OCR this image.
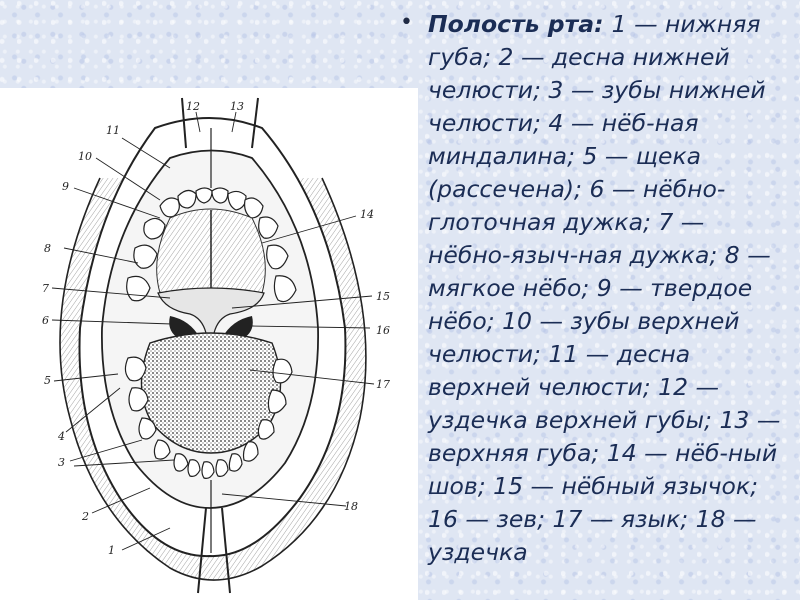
1
2
3
4
5
6
7
8
9
10
11
12	13
14
15
16
17
18
• Полость рта: 1 — нижняя губа; 2 — десна нижней челюсти; 3 — зубы нижней челюсти; 4 — нёб-ная миндалина; 5 — щека (рассечена); 6 — нёбно-глоточная дужка; 7 — нёбно-языч-ная дужка; 8 — мягкое нёбо; 9 — твердое нёбо; 10 — зубы верхней челюсти; 11 — десна верхней челюсти; 12 — уздечка верхней губы; 13 — верхняя губа; 14 — нёб-ный шов; 15 — нёбный язычок; 16 — зев; 17 — язык; 18 — уздечка
